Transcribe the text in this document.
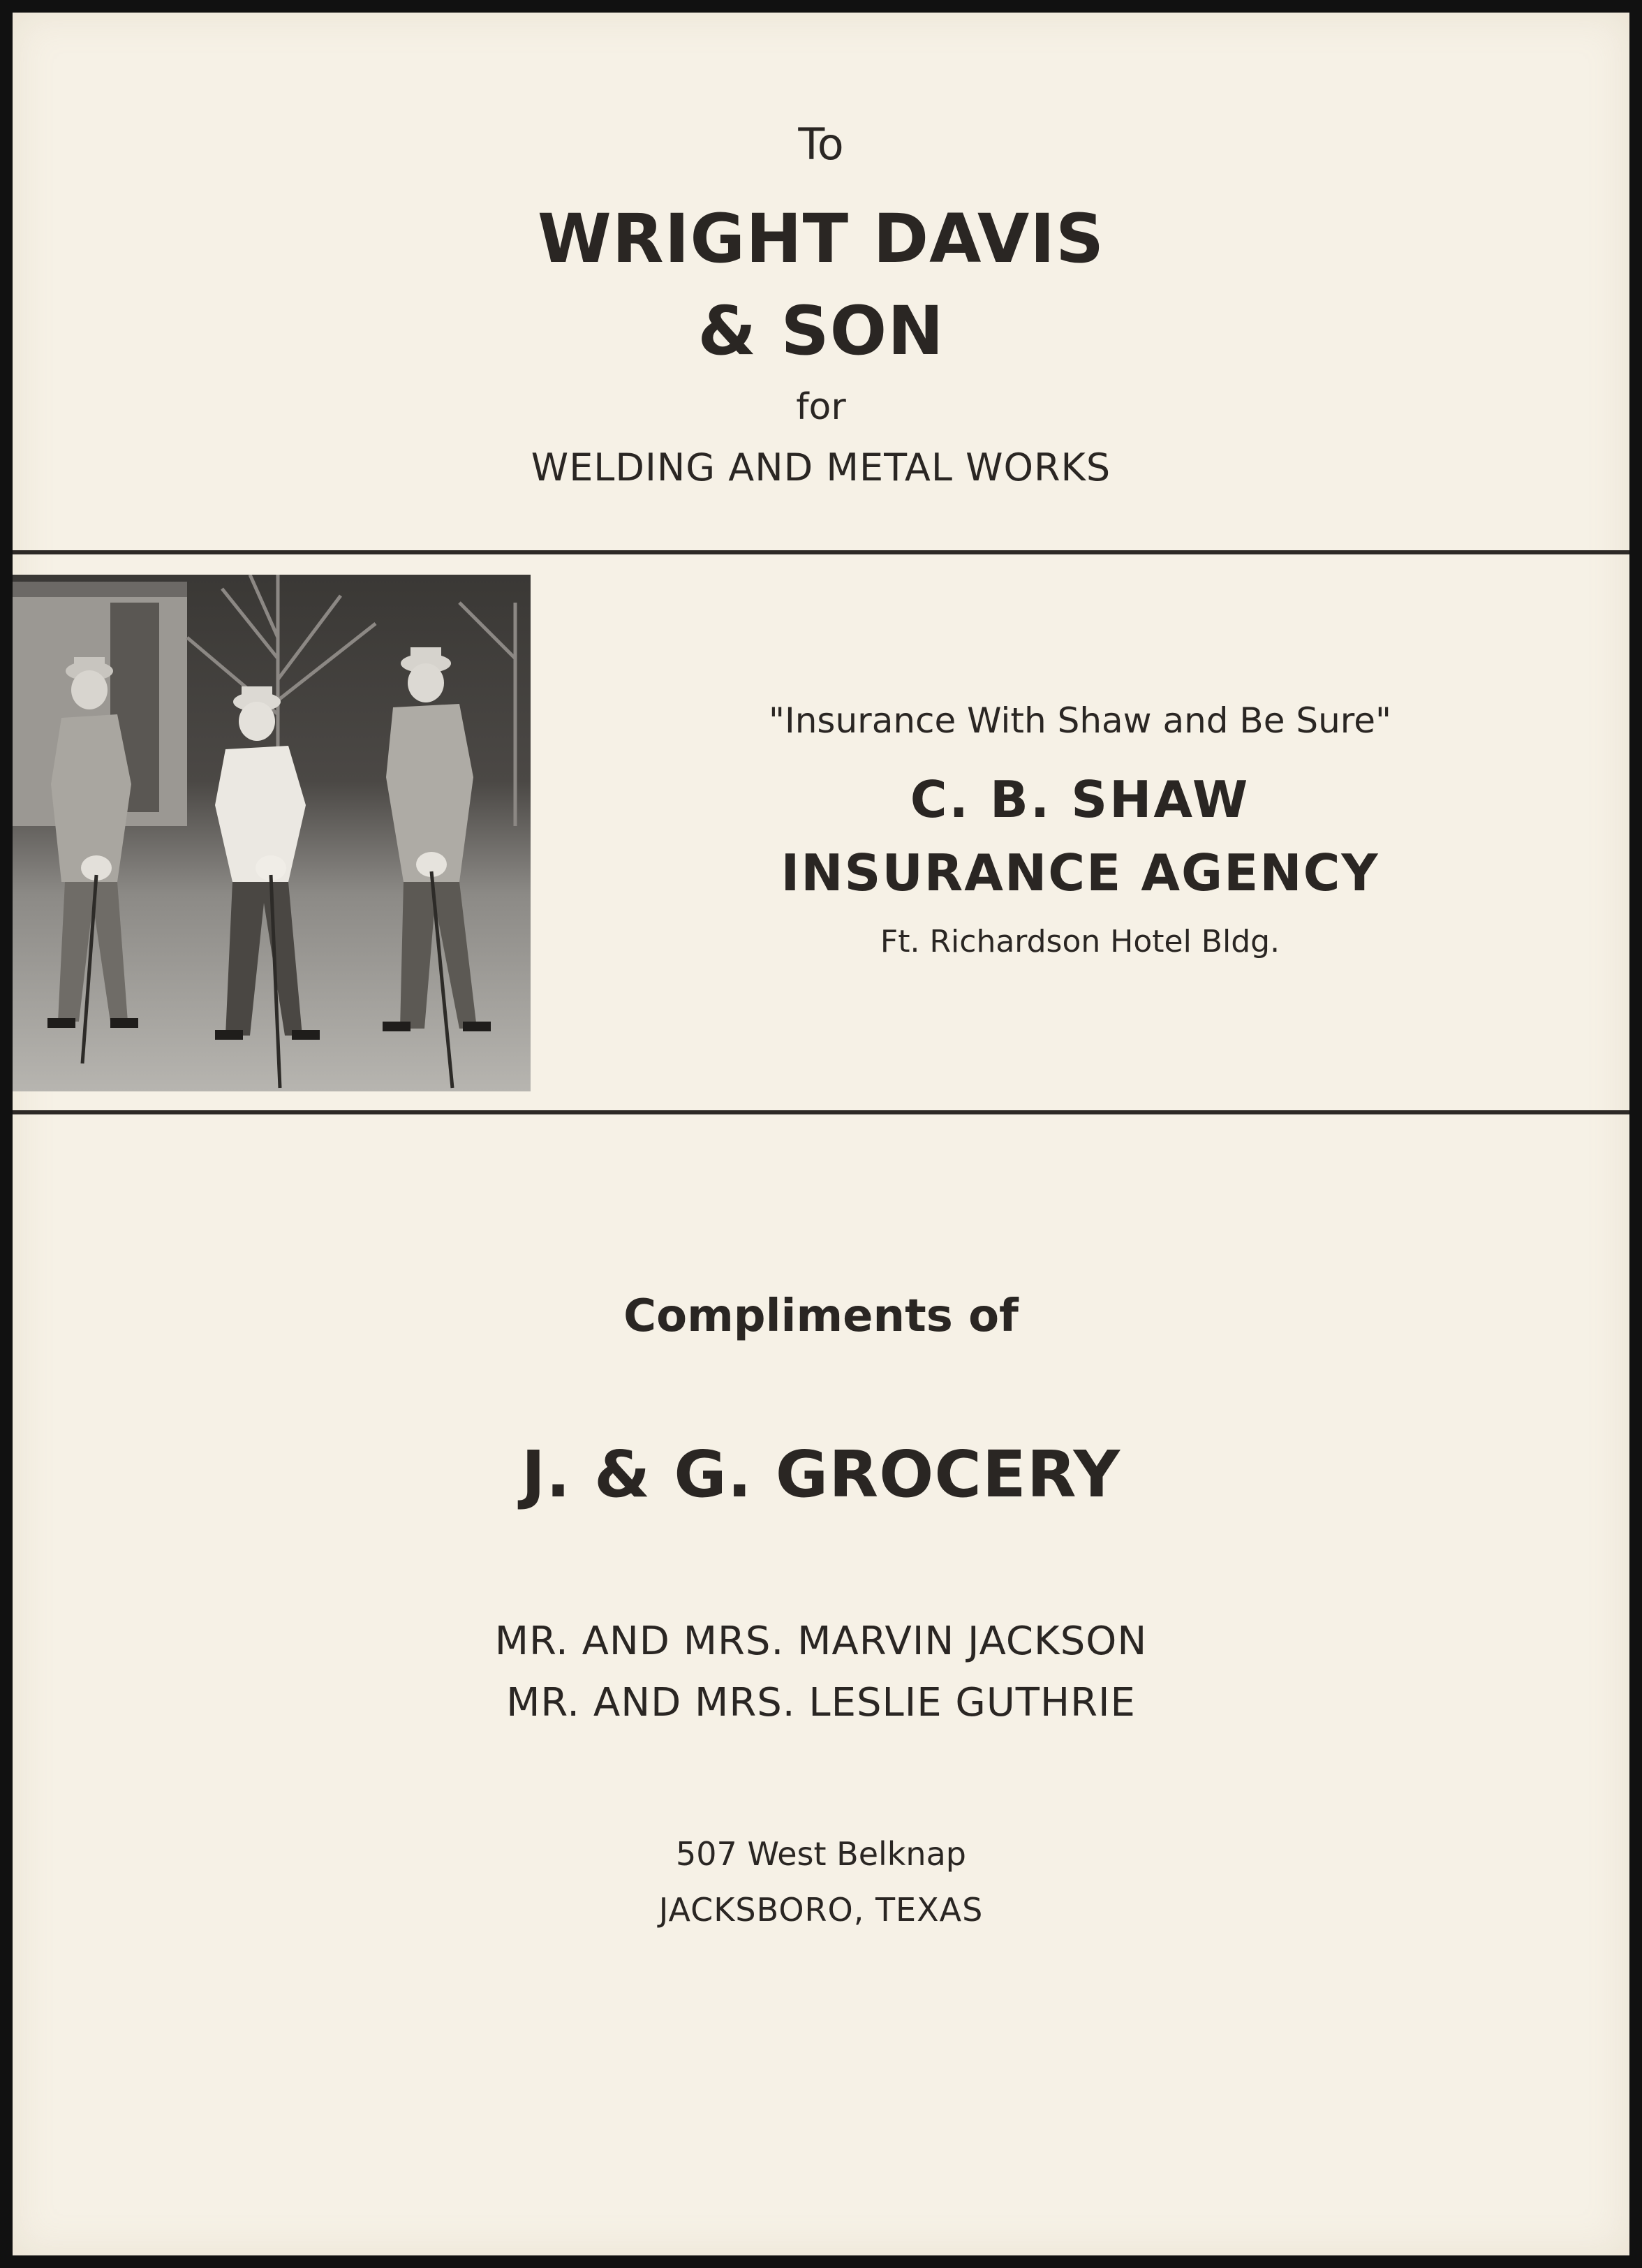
To
WRIGHT DAVIS
& SON
for
WELDING AND METAL WORKS
"Insurance With Shaw and Be Sure"
C. B. SHAW
INSURANCE AGENCY
Ft. Richardson Hotel Bldg.
Compliments of
J. & G. GROCERY
MR. AND MRS. MARVIN JACKSON
MR. AND MRS. LESLIE GUTHRIE
507 West Belknap
JACKSBORO, TEXAS
